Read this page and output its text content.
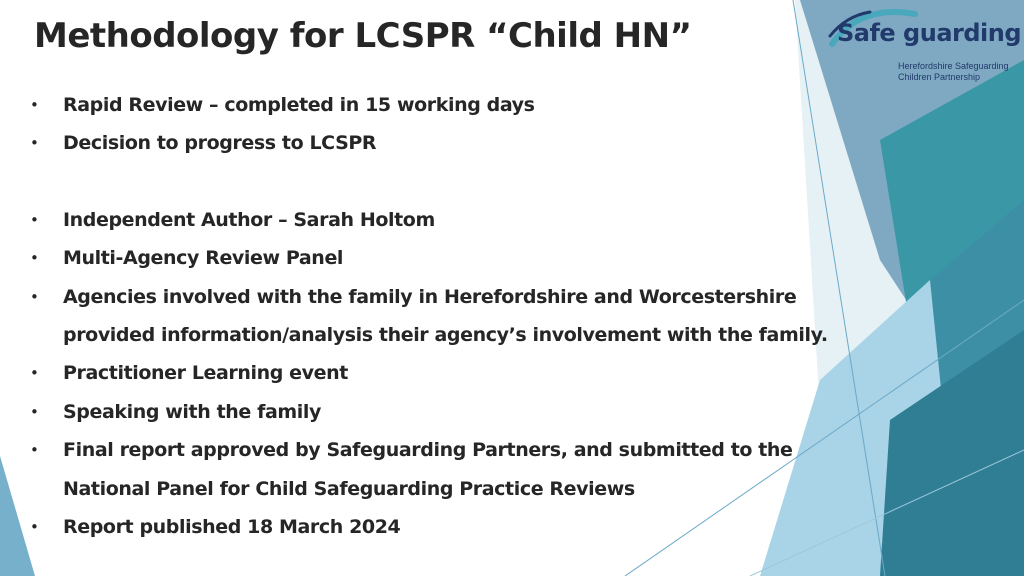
Methodology for LCSPR “Child HN”
• Rapid Review – completed in 15 working days
• Decision to progress to LCSPR
• Independent Author – Sarah Holtom
• Multi-Agency Review Panel
• Agencies involved with the family in Herefordshire and Worcestershire
provided information/analysis their agency’s involvement with the family.
• Practitioner Learning event
• Speaking with the family
• Final report approved by Safeguarding Partners, and submitted to the
National Panel for Child Safeguarding Practice Reviews
• Report published 18 March 2024
Safe guarding
Herefordshire Safeguarding
Children Partnership
